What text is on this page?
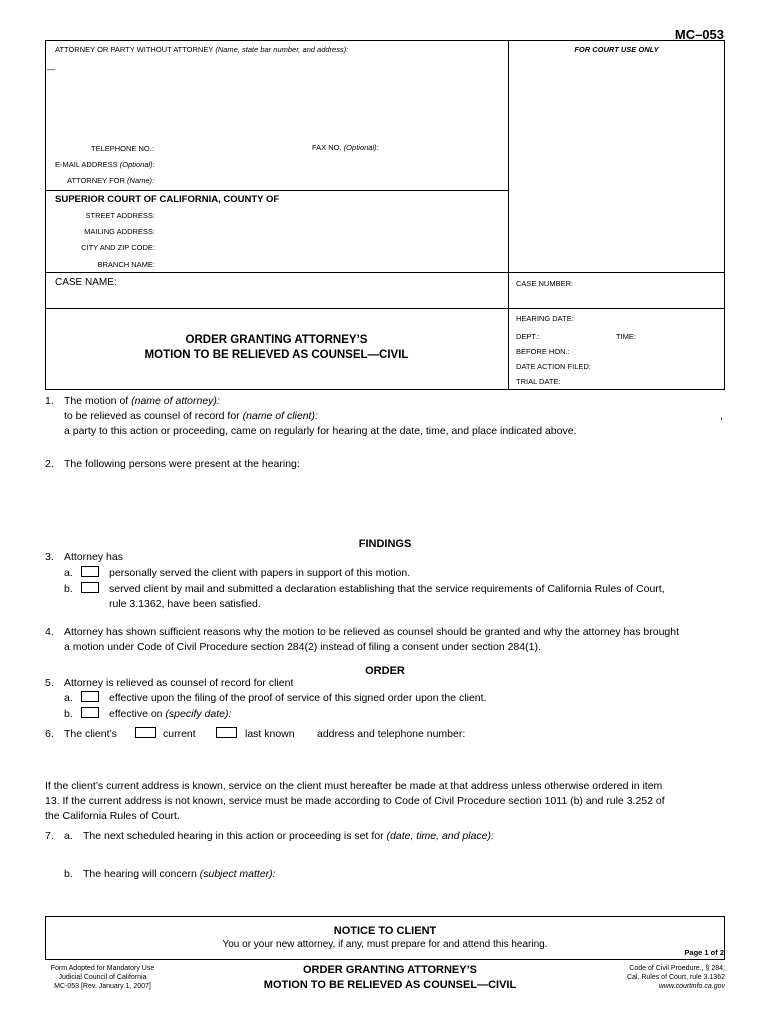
MC–053
ATTORNEY OR PARTY WITHOUT ATTORNEY (Name, state bar number, and address):	FOR COURT USE ONLY
—
TELEPHONE NO.:	FAX NO. (Optional):
E-MAIL ADDRESS (Optional):
ATTORNEY FOR (Name):
SUPERIOR COURT OF CALIFORNIA, COUNTY OF
STREET ADDRESS:
MAILING ADDRESS:
CITY AND ZIP CODE:
BRANCH NAME:
CASE NAME:	CASE NUMBER:
ORDER GRANTING ATTORNEY’S
MOTION TO BE RELIEVED AS COUNSEL—CIVIL
HEARING DATE:
DEPT.:	TIME:
BEFORE HON.:
DATE ACTION FILED:
TRIAL DATE:
1. The motion of (name of attorney):
to be relieved as counsel of record for (name of client):	,
a party to this action or proceeding, came on regularly for hearing at the date, time, and place indicated above.
2. The following persons were present at the hearing:
FINDINGS
3. Attorney has
a.	personally served the client with papers in support of this motion.
b.	served client by mail and submitted a declaration establishing that the service requirements of California Rules of Court,
rule 3.1362, have been satisfied.
4. Attorney has shown sufficient reasons why the motion to be relieved as counsel should be granted and why the attorney has brought
a motion under Code of Civil Procedure section 284(2) instead of filing a consent under section 284(1).
ORDER
5. Attorney is relieved as counsel of record for client
a.	effective upon the filing of the proof of service of this signed order upon the client.
b.	effective on (specify date):
6. The client’s	current	last known address and telephone number:
If the client’s current address is known, service on the client must hereafter be made at that address unless otherwise ordered in item
13. If the current address is not known, service must be made according to Code of Civil Procedure section 1011 (b) and rule 3.252 of
the California Rules of Court.
7. a. The next scheduled hearing in this action or proceeding is set for (date, time, and place):
b. The hearing will concern (subject matter):
NOTICE TO CLIENT
You or your new attorney, if any, must prepare for and attend this hearing.
Page 1 of 2
Form Adopted for Mandatory Use
Judicial Council of California
MC-053 [Rev. January 1, 2007]
ORDER GRANTING ATTORNEY’S
MOTION TO BE RELIEVED AS COUNSEL—CIVIL
Code of Civil Proedure., § 284;
Cal. Rules of Court, rule 3.1362
www.courtinfo.ca.gov
